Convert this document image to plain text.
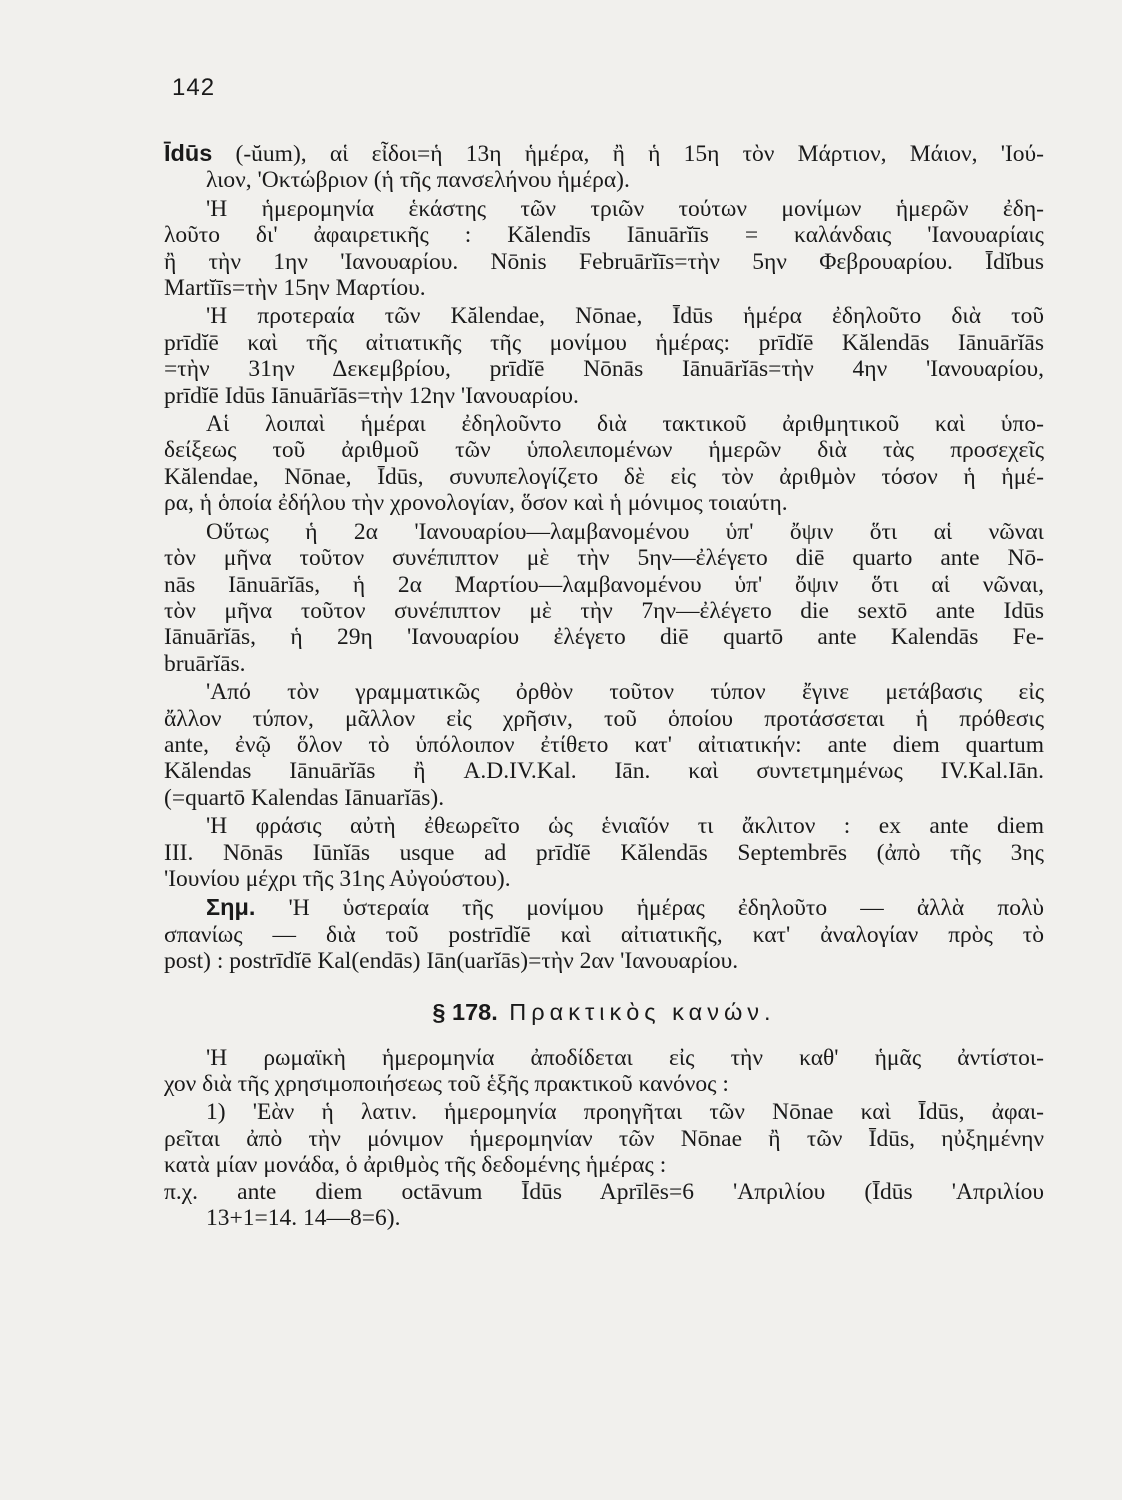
142
Īdūs (-ŭum), αἱ εἶδοι=ἡ 13η ἡμέρα, ἢ ἡ 15η τὸν Μάρτιον, Μάιον, 'Ιού-
λιον, 'Οκτώβριον (ἡ τῆς πανσελήνου ἡμέρα).
'Η ἡμερομηνία ἑκάστης τῶν τριῶν τούτων μονίμων ἡμερῶν ἐδη-
λοῦτο δι' ἀφαιρετικῆς : Kălendīs Iānuārĭīs = καλάνδαις 'Ιανουαρίαις
ἢ τὴν 1ην 'Ιανουαρίου. Nōnis Februārĭīs=τὴν 5ην Φεβρουαρίου. Īdĭbus
Martĭīs=τὴν 15ην Μαρτίου.
'Η προτεραία τῶν Kălendae, Nōnae, Īdūs ἡμέρα ἐδηλοῦτο διὰ τοῦ
prīdĭē καὶ τῆς αἰτιατικῆς τῆς μονίμου ἡμέρας: prīdĭē Kălendās Iānuārĭās
=τὴν 31ην Δεκεμβρίου, prīdĭē Nōnās Iānuārĭās=τὴν 4ην 'Ιανουαρίου,
prīdĭē Idūs Iānuārĭās=τὴν 12ην 'Ιανουαρίου.
Αἱ λοιπαὶ ἡμέραι ἐδηλοῦντο διὰ τακτικοῦ ἀριθμητικοῦ καὶ ὑπο-
δείξεως τοῦ ἀριθμοῦ τῶν ὑπολειπομένων ἡμερῶν διὰ τὰς προσεχεῖς
Kălendae, Nōnae, Īdūs, συνυπελογίζετο δὲ εἰς τὸν ἀριθμὸν τόσον ἡ ἡμέ-
ρα, ἡ ὁποία ἐδήλου τὴν χρονολογίαν, ὅσον καὶ ἡ μόνιμος τοιαύτη.
Οὕτως ἡ 2α 'Ιανουαρίου—λαμβανομένου ὑπ' ὄψιν ὅτι αἱ νῶναι
τὸν μῆνα τοῦτον συνέπιπτον μὲ τὴν 5ην—ἐλέγετο diē quarto ante Nō-
nās Iānuārĭās, ἡ 2α Μαρτίου—λαμβανομένου ὑπ' ὄψιν ὅτι αἱ νῶναι,
τὸν μῆνα τοῦτον συνέπιπτον μὲ τὴν 7ην—ἐλέγετο die sextō ante Idūs
Iānuārĭās, ἡ 29η 'Ιανουαρίου ἐλέγετο diē quartō ante Kalendās Fe-
bruārĭās.
'Από τὸν γραμματικῶς ὀρθὸν τοῦτον τύπον ἔγινε μετάβασις εἰς
ἄλλον τύπον, μᾶλλον εἰς χρῆσιν, τοῦ ὁποίου προτάσσεται ἡ πρόθεσις
ante, ἐνῷ ὅλον τὸ ὑπόλοιπον ἐτίθετο κατ' αἰτιατικήν: ante diem quartum
Kălendas Iānuārĭās ἢ A.D.IV.Kal. Iān. καὶ συντετμημένως IV.Kal.Iān.
(=quartō Kalendas Iānuarĭās).
'Η φράσις αὐτὴ ἐθεωρεῖτο ὡς ἑνιαῖόν τι ἄκλιτον : ex ante diem
III. Nōnās Iūnĭās usque ad prīdĭē Kălendās Septembrēs (ἀπὸ τῆς 3ης
'Ιουνίου μέχρι τῆς 31ης Αὐγούστου).
Σημ. 'Η ὑστεραία τῆς μονίμου ἡμέρας ἐδηλοῦτο — ἀλλὰ πολὺ
σπανίως — διὰ τοῦ postrīdĭē καὶ αἰτιατικῆς, κατ' ἀναλογίαν πρὸς τὸ
post) : postrīdĭē Kal(endās) Iān(uarĭās)=τὴν 2αν 'Ιανουαρίου.
§ 178. Πρακτικὸς κανών.
'Η ρωμαϊκὴ ἡμερομηνία ἀποδίδεται εἰς τὴν καθ' ἡμᾶς ἀντίστοι-
χον διὰ τῆς χρησιμοποιήσεως τοῦ ἑξῆς πρακτικοῦ κανόνος :
1) 'Εὰν ἡ λατιν. ἡμερομηνία προηγῆται τῶν Nōnae καὶ Īdūs, ἀφαι-
ρεῖται ἀπὸ τὴν μόνιμον ἡμερομηνίαν τῶν Nōnae ἢ τῶν Īdūs, ηὐξημένην
κατὰ μίαν μονάδα, ὁ ἀριθμὸς τῆς δεδομένης ἡμέρας :
π.χ. ante diem octāvum Īdūs Aprīlēs=6 'Απριλίου (Īdūs 'Απριλίου
13+1=14. 14—8=6).
